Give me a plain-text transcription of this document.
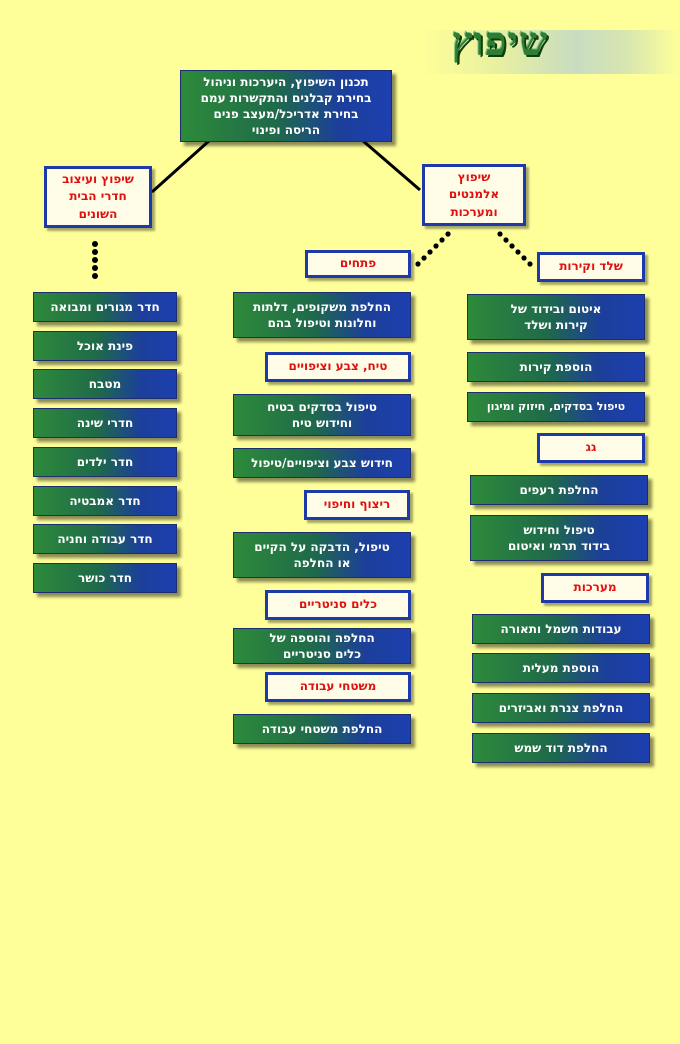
שיפוץ
תכנון השיפוץ, היערכות וניהול
בחירת קבלנים והתקשרות עמם
בחירת אדריכל/מעצב פנים
הריסה ופינוי
שיפוץ ועיצוב
חדרי הבית
השונים
שיפוץ
אלמנטים
ומערכות
חדר מגורים ומבואה
פינת אוכל
מטבח
חדרי שינה
חדר ילדים
חדר אמבטיה
חדר עבודה וחניה
חדר כושר
פתחים
החלפת משקופים, דלתות
וחלונות וטיפול בהם
טיח, צבע וציפויים
טיפול בסדקים בטיח
וחידוש טיח
חידוש צבע וציפויים/טיפול
ריצוף וחיפוי
טיפול, הדבקה על הקיים
או החלפה
כלים סניטריים
החלפה והוספה של
כלים סניטריים
משטחי עבודה
החלפת משטחי עבודה
שלד וקירות
איטום ובידוד של
קירות ושלד
הוספת קירות
טיפול בסדקים, חיזוק ומיגון
גג
החלפת רעפים
טיפול וחידוש
בידוד תרמי ואיטום
מערכות
עבודות חשמל ותאורה
הוספת מעלית
החלפת צנרת ואביזרים
החלפת דוד שמש
